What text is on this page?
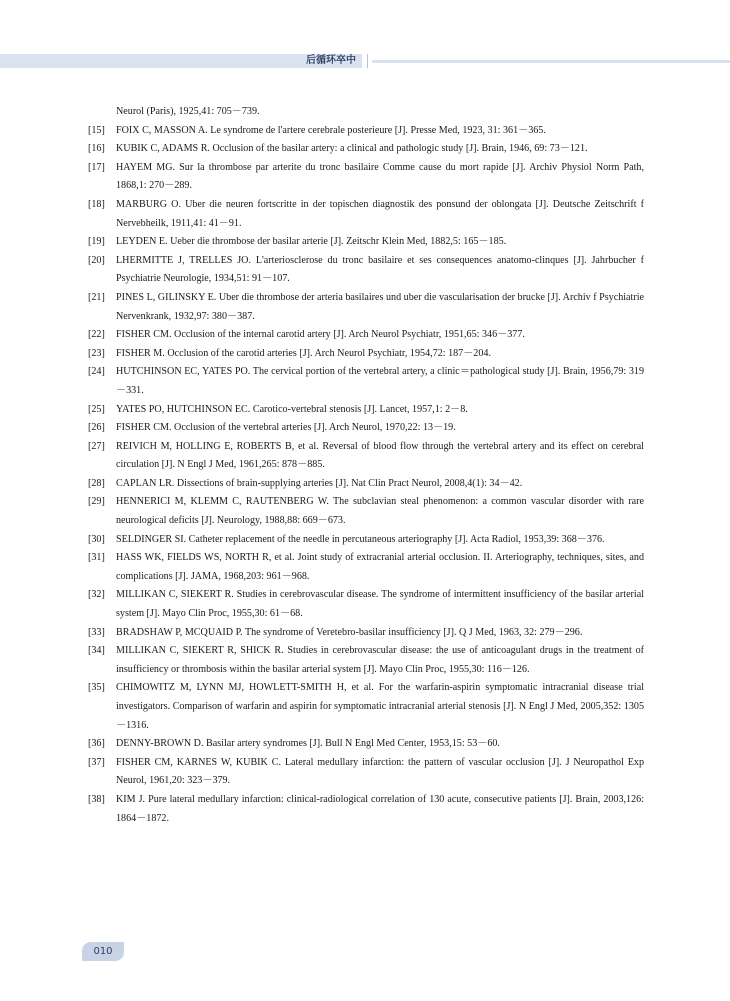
后循环卒中
Neurol (Paris), 1925,41: 705－739.
[15] FOIX C, MASSON A. Le syndrome de l'artere cerebrale posterieure [J]. Presse Med, 1923, 31: 361－365.
[16] KUBIK C, ADAMS R. Occlusion of the basilar artery: a clinical and pathologic study [J]. Brain, 1946, 69: 73－121.
[17] HAYEM MG. Sur la thrombose par arterite du tronc basilaire Comme cause du mort rapide [J]. Archiv Physiol Norm Path, 1868,1: 270－289.
[18] MARBURG O. Uber die neuren fortscritte in der topischen diagnostik des ponsund der oblongata [J]. Deutsche Zeitschrift f Nervebheilk, 1911,41: 41－91.
[19] LEYDEN E. Ueber die thrombose der basilar arterie [J]. Zeitschr Klein Med, 1882,5: 165－185.
[20] LHERMITTE J, TRELLES JO. L'arteriosclerose du tronc basilaire et ses consequences anatomo-clinques [J]. Jahrbucher f Psychiatrie Neurologie, 1934,51: 91－107.
[21] PINES L, GILINSKY E. Uber die thrombose der arteria basilaires und uber die vascularisation der brucke [J]. Archiv f Psychiatrie Nervenkrank, 1932,97: 380－387.
[22] FISHER CM. Occlusion of the internal carotid artery [J]. Arch Neurol Psychiatr, 1951,65: 346－377.
[23] FISHER M. Occlusion of the carotid arteries [J]. Arch Neurol Psychiatr, 1954,72: 187－204.
[24] HUTCHINSON EC, YATES PO. The cervical portion of the vertebral artery, a clinic＝pathological study [J]. Brain, 1956,79: 319－331.
[25] YATES PO, HUTCHINSON EC. Carotico-vertebral stenosis [J]. Lancet, 1957,1: 2－8.
[26] FISHER CM. Occlusion of the vertebral arteries [J]. Arch Neurol, 1970,22: 13－19.
[27] REIVICH M, HOLLING E, ROBERTS B, et al. Reversal of blood flow through the vertebral artery and its effect on cerebral circulation [J]. N Engl J Med, 1961,265: 878－885.
[28] CAPLAN LR. Dissections of brain-supplying arteries [J]. Nat Clin Pract Neurol, 2008,4(1): 34－42.
[29] HENNERICI M, KLEMM C, RAUTENBERG W. The subclavian steal phenomenon: a common vascular disorder with rare neurological deficits [J]. Neurology, 1988,88: 669－673.
[30] SELDINGER SI. Catheter replacement of the needle in percutaneous arteriography [J]. Acta Radiol, 1953,39: 368－376.
[31] HASS WK, FIELDS WS, NORTH R, et al. Joint study of extracranial arterial occlusion. II. Arteriography, techniques, sites, and complications [J]. JAMA, 1968,203: 961－968.
[32] MILLIKAN C, SIEKERT R. Studies in cerebrovascular disease. The syndrome of intermittent insufficiency of the basilar arterial system [J]. Mayo Clin Proc, 1955,30: 61－68.
[33] BRADSHAW P, MCQUAID P. The syndrome of Veretebro-basilar insufficiency [J]. Q J Med, 1963, 32: 279－296.
[34] MILLIKAN C, SIEKERT R, SHICK R. Studies in cerebrovascular disease: the use of anticoagulant drugs in the treatment of insufficiency or thrombosis within the basilar arterial system [J]. Mayo Clin Proc, 1955,30: 116－126.
[35] CHIMOWITZ M, LYNN MJ, HOWLETT-SMITH H, et al. For the warfarin-aspirin symptomatic intracranial disease trial investigators. Comparison of warfarin and aspirin for symptomatic intracranial arterial stenosis [J]. N Engl J Med, 2005,352: 1305－1316.
[36] DENNY-BROWN D. Basilar artery syndromes [J]. Bull N Engl Med Center, 1953,15: 53－60.
[37] FISHER CM, KARNES W, KUBIK C. Lateral medullary infarction: the pattern of vascular occlusion [J]. J Neuropathol Exp Neurol, 1961,20: 323－379.
[38] KIM J. Pure lateral medullary infarction: clinical-radiological correlation of 130 acute, consecutive patients [J]. Brain, 2003,126: 1864－1872.
010
